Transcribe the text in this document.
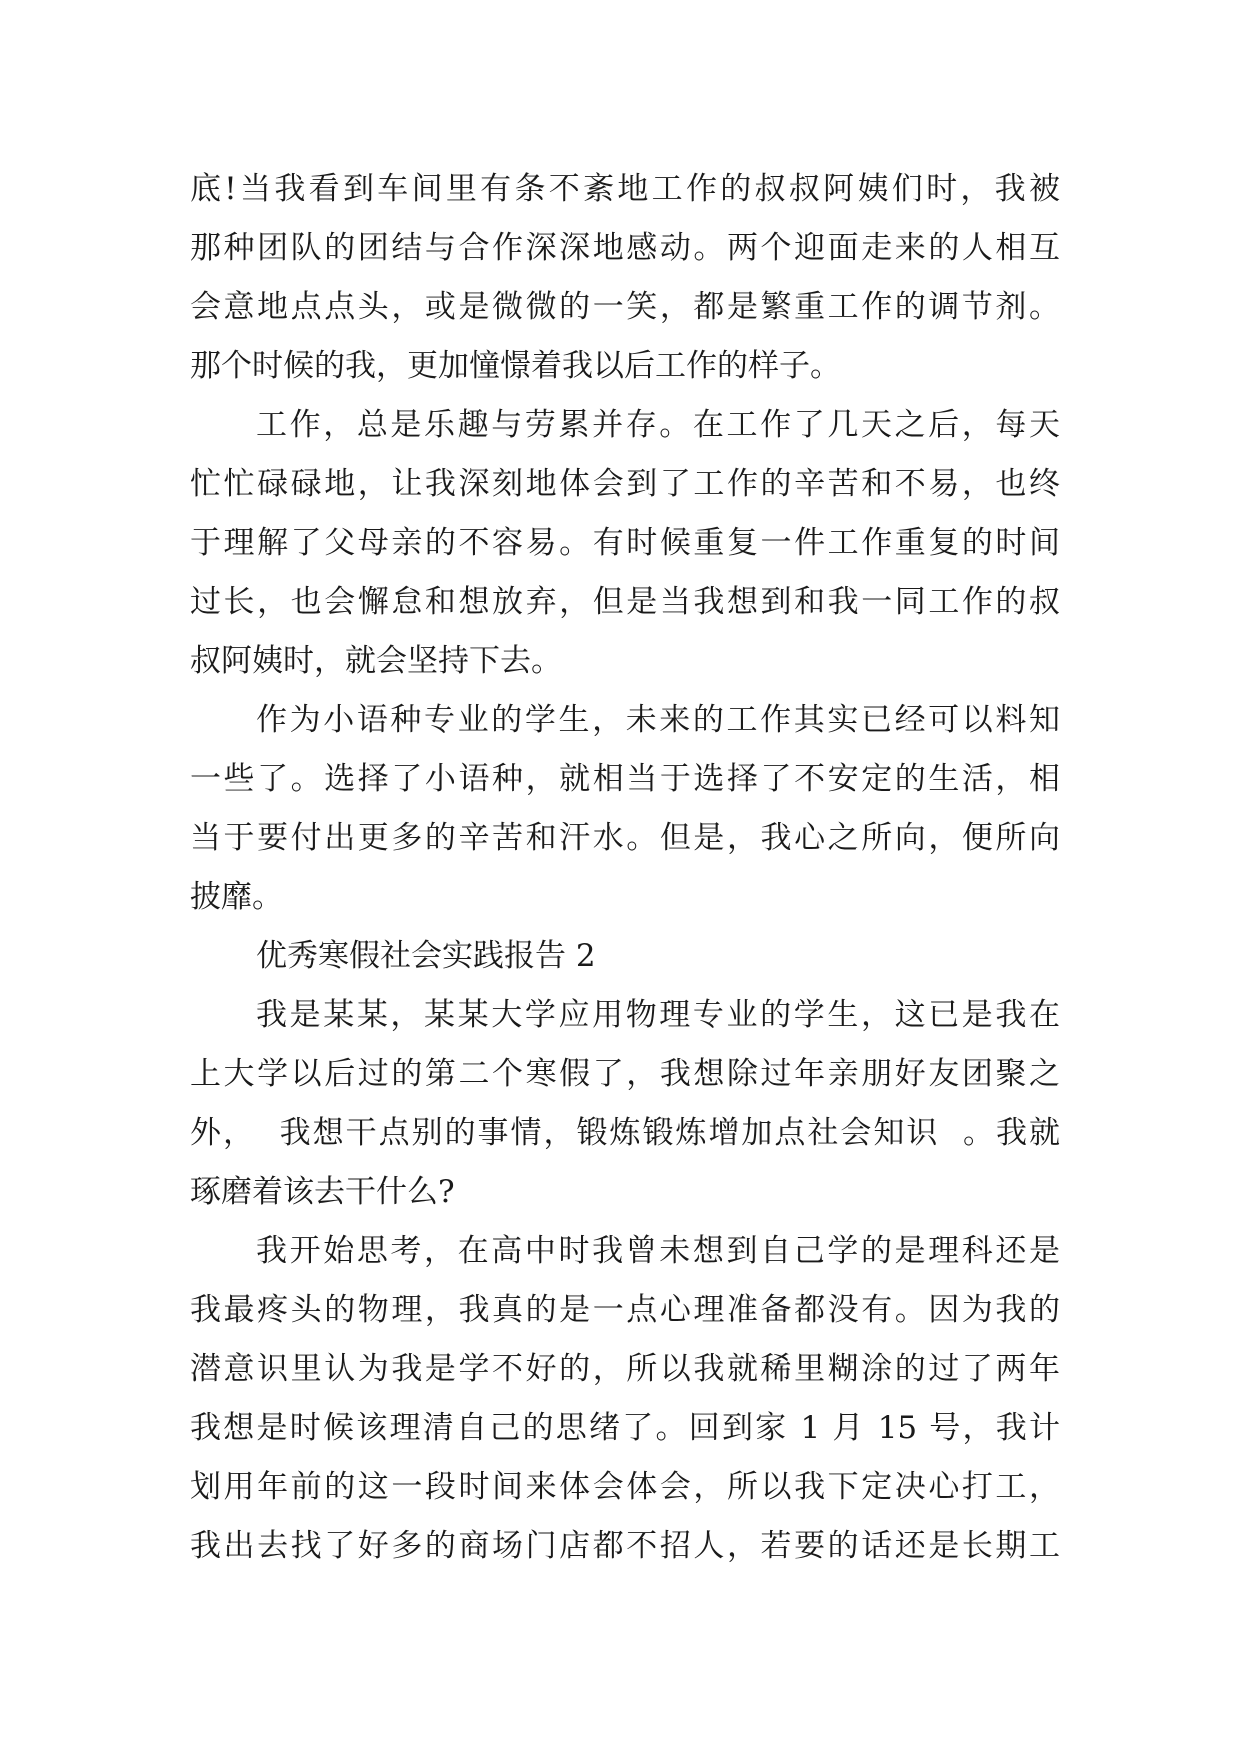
底!当我看到车间里有条不紊地工作的叔叔阿姨们时，我被
那种团队的团结与合作深深地感动。两个迎面走来的人相互
会意地点点头，或是微微的一笑，都是繁重工作的调节剂。
那个时候的我，更加憧憬着我以后工作的样子。
工作，总是乐趣与劳累并存。在工作了几天之后，每天
忙忙碌碌地，让我深刻地体会到了工作的辛苦和不易，也终
于理解了父母亲的不容易。有时候重复一件工作重复的时间
过长，也会懈怠和想放弃，但是当我想到和我一同工作的叔
叔阿姨时，就会坚持下去。
作为小语种专业的学生，未来的工作其实已经可以料知
一些了。选择了小语种，就相当于选择了不安定的生活，相
当于要付出更多的辛苦和汗水。但是，我心之所向，便所向
披靡。
优秀寒假社会实践报告 2
我是某某，某某大学应用物理专业的学生，这已是我在
上大学以后过的第二个寒假了，我想除过年亲朋好友团聚之
外，  我想干点别的事情，锻炼锻炼增加点社会知识  。我就
琢磨着该去干什么?
我开始思考，在高中时我曾未想到自己学的是理科还是
我最疼头的物理，我真的是一点心理准备都没有。因为我的
潜意识里认为我是学不好的，所以我就稀里糊涂的过了两年
我想是时候该理清自己的思绪了。回到家 1 月 15 号，我计
划用年前的这一段时间来体会体会，所以我下定决心打工，
我出去找了好多的商场门店都不招人，若要的话还是长期工
